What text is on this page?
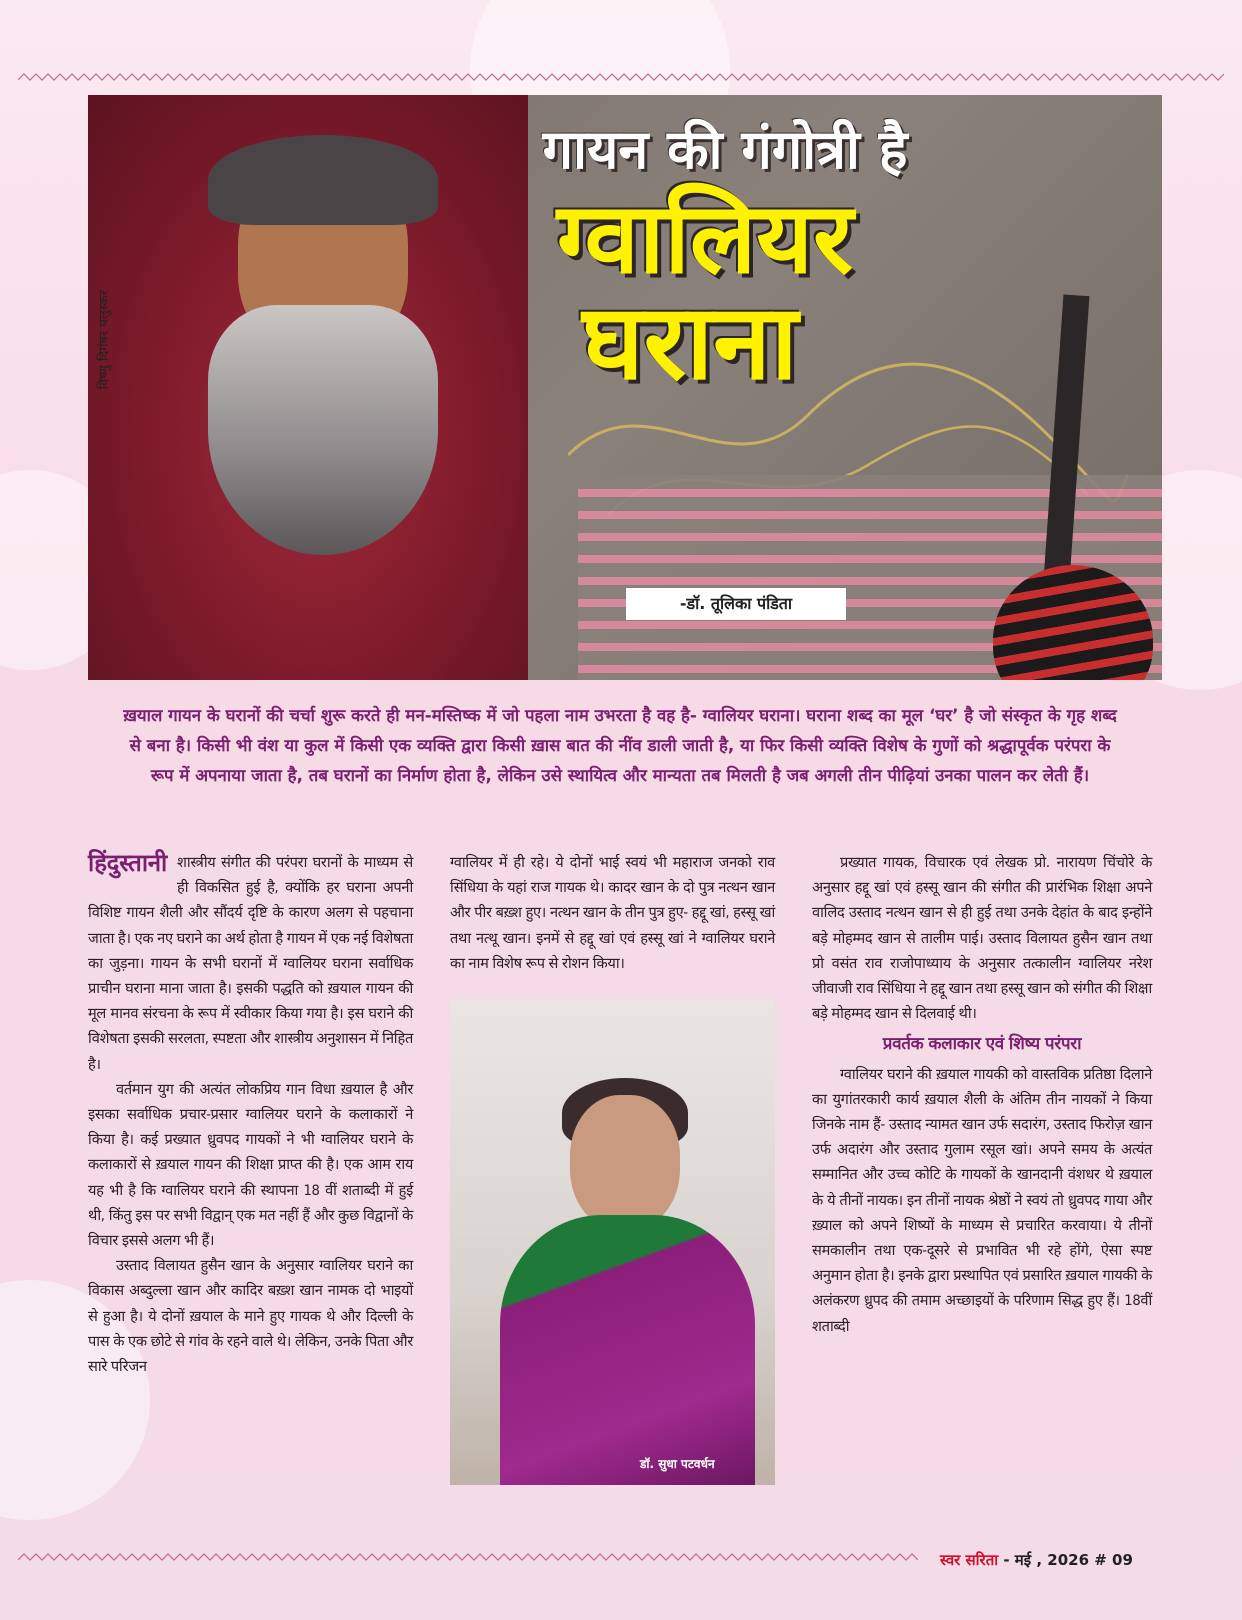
विष्णु दिगंबर पलुस्कर
गायन की गंगोत्री है
ग्वालियर
घराना
-डॉ. तूलिका पंडिता
ख़याल गायन के घरानों की चर्चा शुरू करते ही मन-मस्तिष्क में जो पहला नाम उभरता है वह है- ग्वालियर घराना। घराना शब्द का मूल ‘घर’ है जो संस्कृत के गृह शब्द से बना है। किसी भी वंश या कुल में किसी एक व्यक्ति द्वारा किसी ख़ास बात की नींव डाली जाती है, या फिर किसी व्यक्ति विशेष के गुणों को श्रद्धापूर्वक परंपरा के रूप में अपनाया जाता है, तब घरानों का निर्माण होता है, लेकिन उसे स्थायित्व और मान्यता तब मिलती है जब अगली तीन पीढ़ियां उनका पालन कर लेती हैं।
हिंदुस्तानी शास्त्रीय संगीत की परंपरा घरानों के माध्यम से ही विकसित हुई है, क्योंकि हर घराना अपनी विशिष्ट गायन शैली और सौंदर्य दृष्टि के कारण अलग से पहचाना जाता है। एक नए घराने का अर्थ होता है गायन में एक नई विशेषता का जुड़ना। गायन के सभी घरानों में ग्वालियर घराना सर्वाधिक प्राचीन घराना माना जाता है। इसकी पद्धति को ख़याल गायन की मूल मानव संरचना के रूप में स्वीकार किया गया है। इस घराने की विशेषता इसकी सरलता, स्पष्टता और शास्त्रीय अनुशासन में निहित है।

वर्तमान युग की अत्यंत लोकप्रिय गान विधा ख़याल है और इसका सर्वाधिक प्रचार-प्रसार ग्वालियर घराने के कलाकारों ने किया है। कई प्रख्यात ध्रुवपद गायकों ने भी ग्वालियर घराने के कलाकारों से ख़याल गायन की शिक्षा प्राप्त की है। एक आम राय यह भी है कि ग्वालियर घराने की स्थापना 18 वीं शताब्दी में हुई थी, किंतु इस पर सभी विद्वान् एक मत नहीं हैं और कुछ विद्वानों के विचार इससे अलग भी हैं।

उस्ताद विलायत हुसैन खान के अनुसार ग्वालियर घराने का विकास अब्दुल्ला खान और कादिर बख़्श खान नामक दो भाइयों से हुआ है। ये दोनों ख़याल के माने हुए गायक थे और दिल्ली के पास के एक छोटे से गांव के रहने वाले थे। लेकिन, उनके पिता और सारे परिजन

ग्वालियर में ही रहे। ये दोनों भाई स्वयं भी महाराज जनको राव सिंधिया के यहां राज गायक थे। कादर खान के दो पुत्र नत्थन खान और पीर बख़्श हुए। नत्थन खान के तीन पुत्र हुए- हद्दू खां, हस्सू खां तथा नत्थू खान। इनमें से हद्दू खां एवं हस्सू खां ने ग्वालियर घराने का नाम विशेष रूप से रोशन किया।

डॉ. सुधा पटवर्धन

प्रख्यात गायक, विचारक एवं लेखक प्रो. नारायण चिंचोरे के अनुसार हद्दू खां एवं हस्सू खान की संगीत की प्रारंभिक शिक्षा अपने वालिद उस्ताद नत्थन खान से ही हुई तथा उनके देहांत के बाद इन्होंने बड़े मोहम्मद खान से तालीम पाई। उस्ताद विलायत हुसैन खान तथा प्रो वसंत राव राजोपाध्याय के अनुसार तत्कालीन ग्वालियर नरेश जीवाजी राव सिंधिया ने हद्दू खान तथा हस्सू खान को संगीत की शिक्षा बड़े मोहम्मद खान से दिलवाई थी।

प्रवर्तक कलाकार एवं शिष्य परंपरा

ग्वालियर घराने की ख़याल गायकी को वास्तविक प्रतिष्ठा दिलाने का युगांतरकारी कार्य ख़याल शैली के अंतिम तीन नायकों ने किया जिनके नाम हैं- उस्ताद न्यामत खान उर्फ सदारंग, उस्ताद फिरोज़ खान उर्फ अदारंग और उस्ताद गुलाम रसूल खां। अपने समय के अत्यंत सम्मानित और उच्च कोटि के गायकों के खानदानी वंशधर थे ख़याल के ये तीनों नायक। इन तीनों नायक श्रेष्ठों ने स्वयं तो ध्रुवपद गाया और ख़्याल को अपने शिष्यों के माध्यम से प्रचारित करवाया। ये तीनों समकालीन तथा एक-दूसरे से प्रभावित भी रहे होंगे, ऐसा स्पष्ट अनुमान होता है। इनके द्वारा प्रस्थापित एवं प्रसारित ख़याल गायकी के अलंकरण ध्रुपद की तमाम अच्छाइयों के परिणाम सिद्ध हुए हैं। 18वीं शताब्दी

स्वर सरिता - मई , 2026 # 09
